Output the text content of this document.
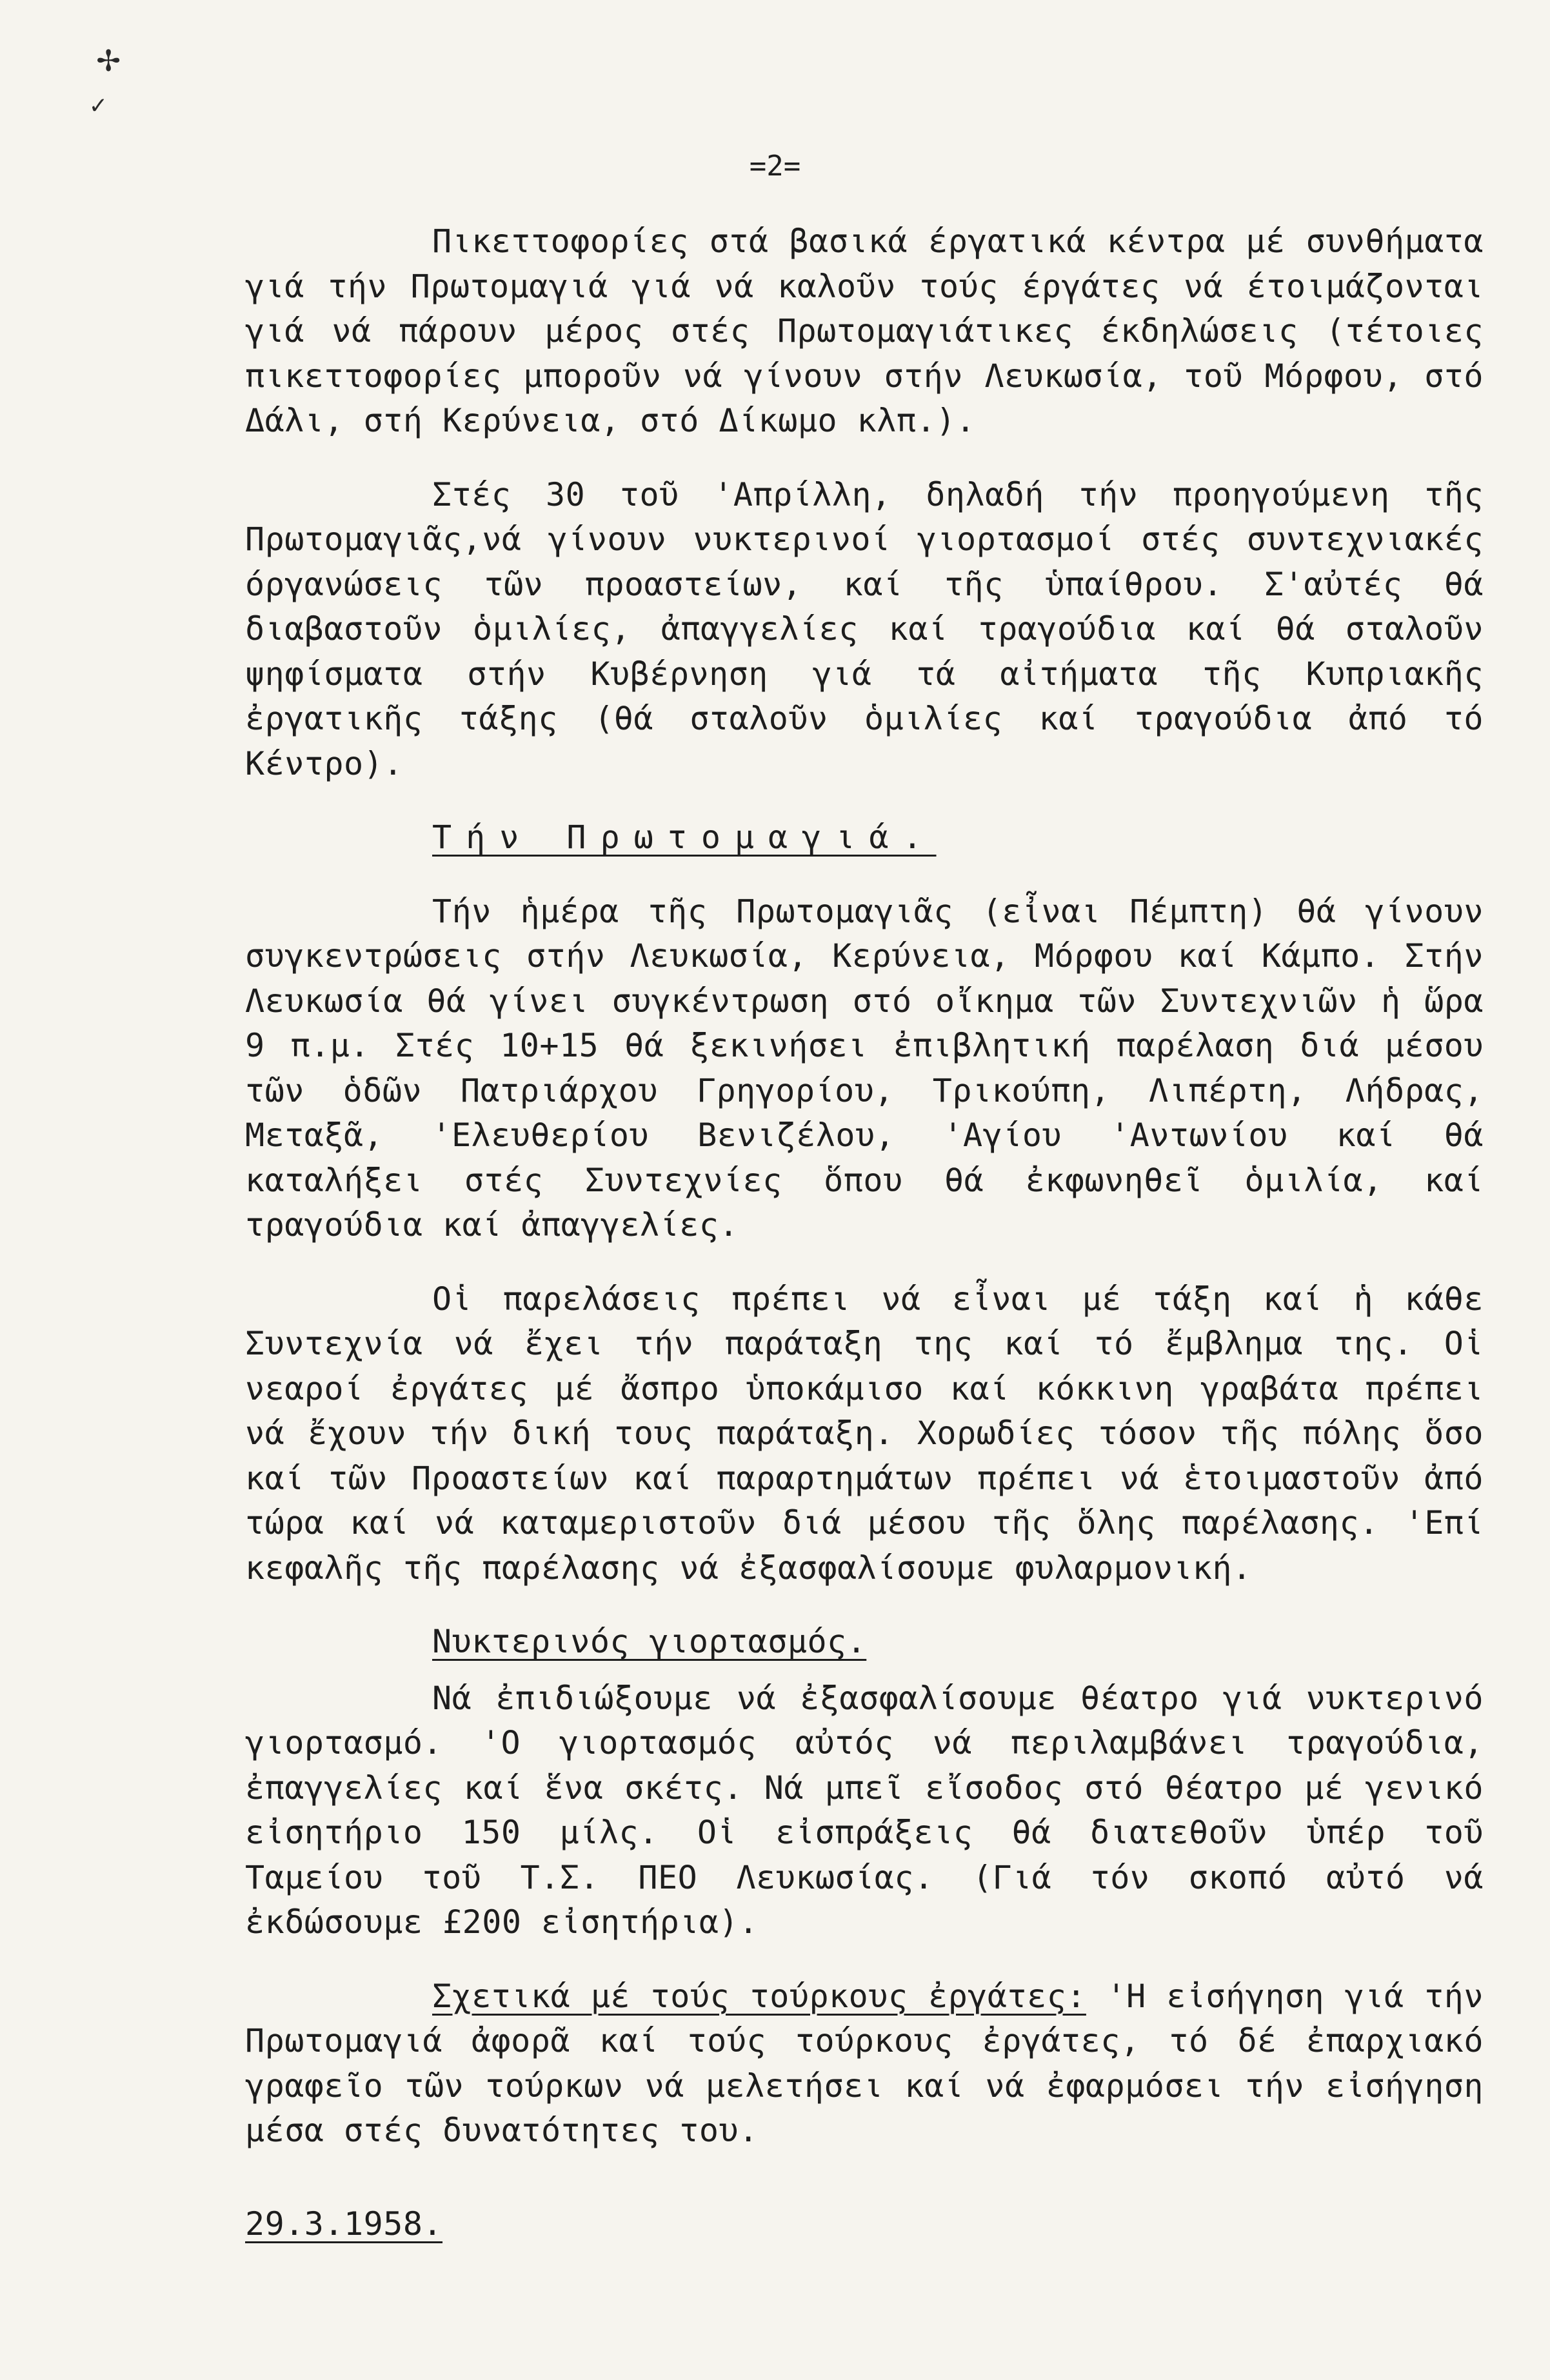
✢
✓
=2=

Πικεττοφορίες στά βασικά έργατικά κέντρα μέ συνθήματα γιά τήν Πρωτομαγιά γιά νά καλοῦν τούς έργάτες νά έτοιμάζονται γιά νά πάρουν μέρος στές Πρωτομαγιάτικες έκδηλώσεις (τέτοιες πικεττοφορίες μποροῦν νά γίνουν στήν Λευκωσία, τοῦ Μόρφου, στό Δάλι, στή Κερύνεια, στό Δίκωμο κλπ.).

Στές 30 τοῦ 'Απρίλλη, δηλαδή τήν προηγούμενη τῆς Πρωτομαγιᾶς,νά γίνουν νυκτερινοί γιορτασμοί στές συντεχνιακές όργανώσεις τῶν προαστείων, καί τῆς ὑπαίθρου. Σ'αὐτές θά διαβαστοῦν ὁμιλίες, ἀπαγγελίες καί τραγούδια καί θά σταλοῦν ψηφίσματα στήν Κυβέρνηση γιά τά αἰτήματα τῆς Κυπριακῆς ἐργατικῆς τάξης (θά σταλοῦν ὁμιλίες καί τραγούδια ἀπό τό Κέντρο).

Τήν Πρωτομαγιά.

Τήν ἡμέρα τῆς Πρωτομαγιᾶς (εἶναι Πέμπτη) θά γίνουν συγκεντρώσεις στήν Λευκωσία, Κερύνεια, Μόρφου καί Κάμπο. Στήν Λευκωσία θά γίνει συγκέντρωση στό οἴκημα τῶν Συντεχνιῶν ἡ ὥρα 9 π.μ. Στές 10+15 θά ξεκινήσει ἐπιβλητική παρέλαση διά μέσου τῶν ὁδῶν Πατριάρχου Γρηγορίου, Τρικούπη, Λιπέρτη, Λήδρας, Μεταξᾶ, 'Ελευθερίου Βενιζέλου, 'Αγίου 'Αντωνίου καί θά καταλήξει στές Συντεχνίες ὅπου θά ἐκφωνηθεῖ ὁμιλία, καί τραγούδια καί ἀπαγγελίες.

Οἱ παρελάσεις πρέπει νά εἶναι μέ τάξη καί ἡ κάθε Συντεχνία νά ἔχει τήν παράταξη της καί τό ἔμβλημα της. Οἱ νεαροί ἐργάτες μέ ἄσπρο ὑποκάμισο καί κόκκινη γραβάτα πρέπει νά ἔχουν τήν δική τους παράταξη. Χορωδίες τόσον τῆς πόλης ὅσο καί τῶν Προαστείων καί παραρτημάτων πρέπει νά ἑτοιμαστοῦν ἀπό τώρα καί νά καταμεριστοῦν διά μέσου τῆς ὅλης παρέλασης. 'Επί κεφαλῆς τῆς παρέλασης νά ἐξασφαλίσουμε φυλαρμονική.

Νυκτερινός γιορτασμός.

Νά ἐπιδιώξουμε νά ἐξασφαλίσουμε θέατρο γιά νυκτερινό γιορτασμό. 'Ο γιορτασμός αὐτός νά περιλαμβάνει τραγούδια, ἐπαγγελίες καί ἕνα σκέτς. Νά μπεῖ εἴσοδος στό θέατρο μέ γενικό εἰσητήριο 150 μίλς. Οἱ εἰσπράξεις θά διατεθοῦν ὑπέρ τοῦ Ταμείου τοῦ Τ.Σ. ΠΕΟ Λευκωσίας. (Γιά τόν σκοπό αὐτό νά ἐκδώσουμε £200 εἰσητήρια).

Σχετικά μέ τούς τούρκους ἐργάτες: 'Η εἰσήγηση γιά τήν Πρωτομαγιά ἀφορᾶ καί τούς τούρκους ἐργάτες, τό δέ ἐπαρχιακό γραφεῖο τῶν τούρκων νά μελετήσει καί νά ἐφαρμόσει τήν εἰσήγηση μέσα στές δυνατότητες του.

29.3.1958.
